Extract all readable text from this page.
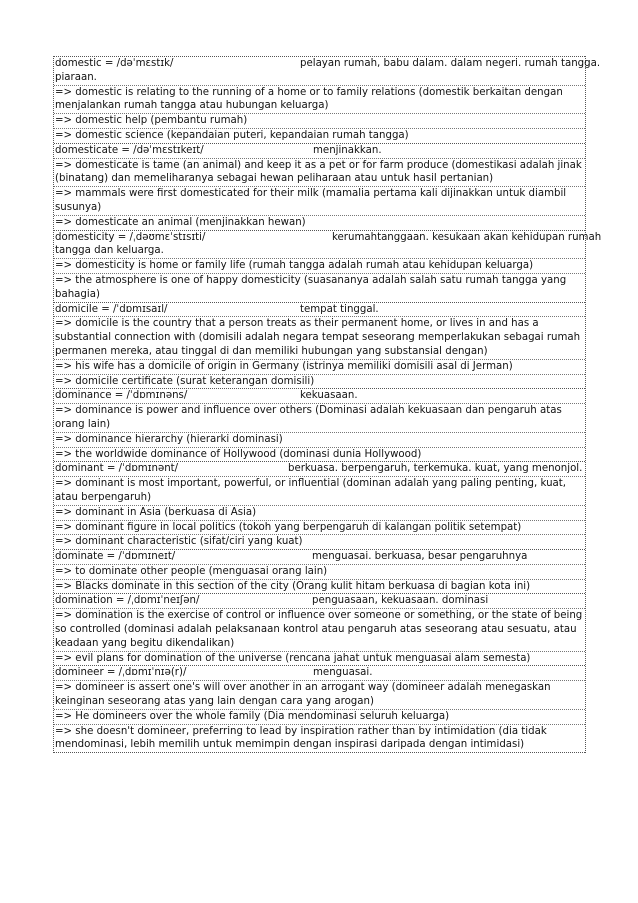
domestic = /dəˈmɛstɪk/	pelayan rumah, babu dalam. dalam negeri. rumah tangga.
piaraan.
=> domestic is relating to the running of a home or to family relations (domestik berkaitan dengan menjalankan rumah tangga atau hubungan keluarga)
=> domestic help (pembantu rumah)
=> domestic science (kepandaian puteri, kepandaian rumah tangga)
domesticate = /dəˈmɛstɪkeɪt/	menjinakkan.
=> domesticate is tame (an animal) and keep it as a pet or for farm produce (domestikasi adalah jinak (binatang) dan memeliharanya sebagai hewan peliharaan atau untuk hasil pertanian)
=> mammals were first domesticated for their milk (mamalia pertama kali dijinakkan untuk diambil susunya)
=> domesticate an animal (menjinakkan hewan)
domesticity = /ˌdəʊmɛˈstɪsɪti/	kerumahtanggaan. kesukaan akan kehidupan rumah
tangga dan keluarga.
=> domesticity is home or family life (rumah tangga adalah rumah atau kehidupan keluarga)
=> the atmosphere is one of happy domesticity (suasananya adalah salah satu rumah tangga yang bahagia)
domicile = /ˈdɒmɪsaɪl/	tempat tinggal.
=> domicile is the country that a person treats as their permanent home, or lives in and has a substantial connection with (domisili adalah negara tempat seseorang memperlakukan sebagai rumah permanen mereka, atau tinggal di dan memiliki hubungan yang substansial dengan)
=> his wife has a domicile of origin in Germany (istrinya memiliki domisili asal di Jerman)
=> domicile certificate (surat keterangan domisili)
dominance = /ˈdɒmɪnəns/	kekuasaan.
=> dominance is power and influence over others (Dominasi adalah kekuasaan dan pengaruh atas orang lain)
=> dominance hierarchy (hierarki dominasi)
=> the worldwide dominance of Hollywood (dominasi dunia Hollywood)
dominant = /ˈdɒmɪnənt/	berkuasa. berpengaruh, terkemuka. kuat, yang menonjol.
=> dominant is most important, powerful, or influential (dominan adalah yang paling penting, kuat, atau berpengaruh)
=> dominant in Asia (berkuasa di Asia)
=> dominant figure in local politics (tokoh yang berpengaruh di kalangan politik setempat)
=> dominant characteristic (sifat/ciri yang kuat)
dominate = /ˈdɒmɪneɪt/	menguasai. berkuasa, besar pengaruhnya
=> to dominate other people (menguasai orang lain)
=> Blacks dominate in this section of the city (Orang kulit hitam berkuasa di bagian kota ini)
domination = /ˌdɒmɪˈneɪʃən/	penguasaan, kekuasaan. dominasi
=> domination is the exercise of control or influence over someone or something, or the state of being so controlled (dominasi adalah pelaksanaan kontrol atau pengaruh atas seseorang atau sesuatu, atau keadaan yang begitu dikendalikan)
=> evil plans for domination of the universe (rencana jahat untuk menguasai alam semesta)
domineer = /ˌdɒmɪˈnɪə(r)/	menguasai.
=> domineer is assert one's will over another in an arrogant way (domineer adalah menegaskan keinginan seseorang atas yang lain dengan cara yang arogan)
=> He domineers over the whole family (Dia mendominasi seluruh keluarga)
=> she doesn't domineer, preferring to lead by inspiration rather than by intimidation (dia tidak mendominasi, lebih memilih untuk memimpin dengan inspirasi daripada dengan intimidasi)
